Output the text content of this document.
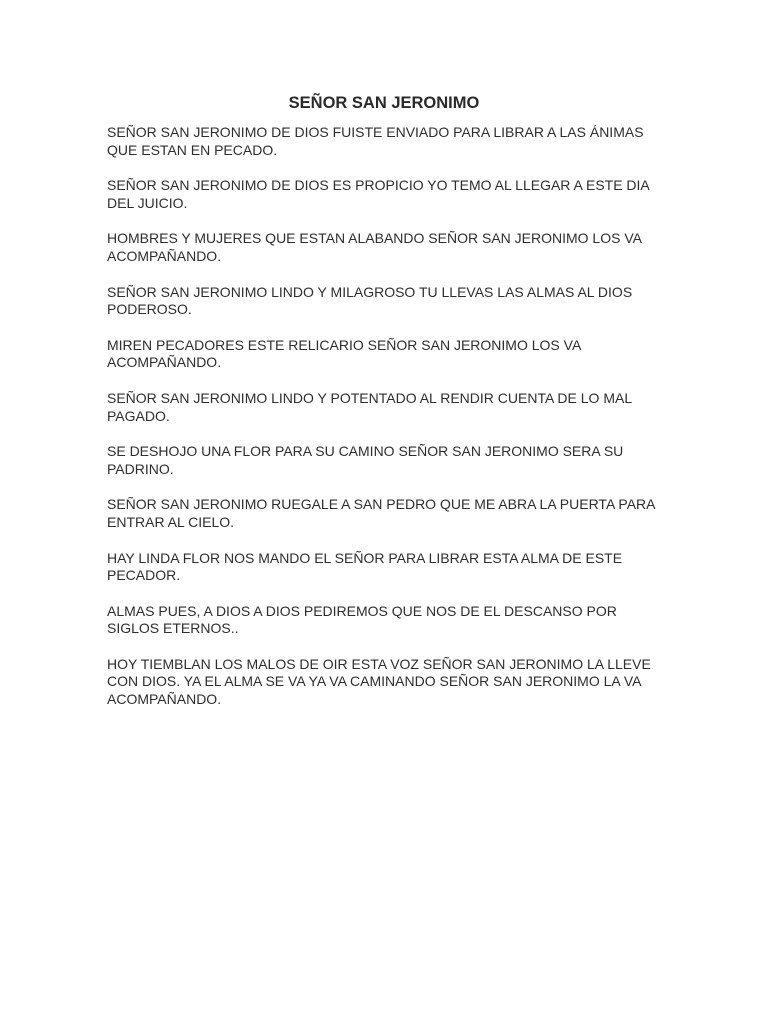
SEÑOR SAN JERONIMO

SEÑOR SAN JERONIMO DE DIOS FUISTE ENVIADO PARA LIBRAR A LAS ÁNIMAS QUE ESTAN EN PECADO.

SEÑOR SAN JERONIMO DE DIOS ES PROPICIO YO TEMO AL LLEGAR A ESTE DIA DEL JUICIO.

HOMBRES Y MUJERES QUE ESTAN ALABANDO SEÑOR SAN JERONIMO LOS VA ACOMPAÑANDO.

SEÑOR SAN JERONIMO LINDO Y MILAGROSO TU LLEVAS LAS ALMAS AL DIOS PODEROSO.

MIREN PECADORES ESTE RELICARIO SEÑOR SAN JERONIMO LOS VA ACOMPAÑANDO.

SEÑOR SAN JERONIMO LINDO Y POTENTADO AL RENDIR CUENTA DE LO MAL PAGADO.

SE DESHOJO UNA FLOR PARA SU CAMINO SEÑOR SAN JERONIMO SERA SU PADRINO.

SEÑOR SAN JERONIMO RUEGALE A SAN PEDRO QUE ME ABRA LA PUERTA PARA ENTRAR AL CIELO.

HAY LINDA FLOR NOS MANDO EL SEÑOR PARA LIBRAR ESTA ALMA DE ESTE PECADOR.

ALMAS PUES, A DIOS A DIOS PEDIREMOS QUE NOS DE EL DESCANSO POR SIGLOS ETERNOS..

HOY TIEMBLAN LOS MALOS DE OIR ESTA VOZ SEÑOR SAN JERONIMO LA LLEVE CON DIOS. YA EL ALMA SE VA YA VA CAMINANDO SEÑOR SAN JERONIMO LA VA ACOMPAÑANDO.
